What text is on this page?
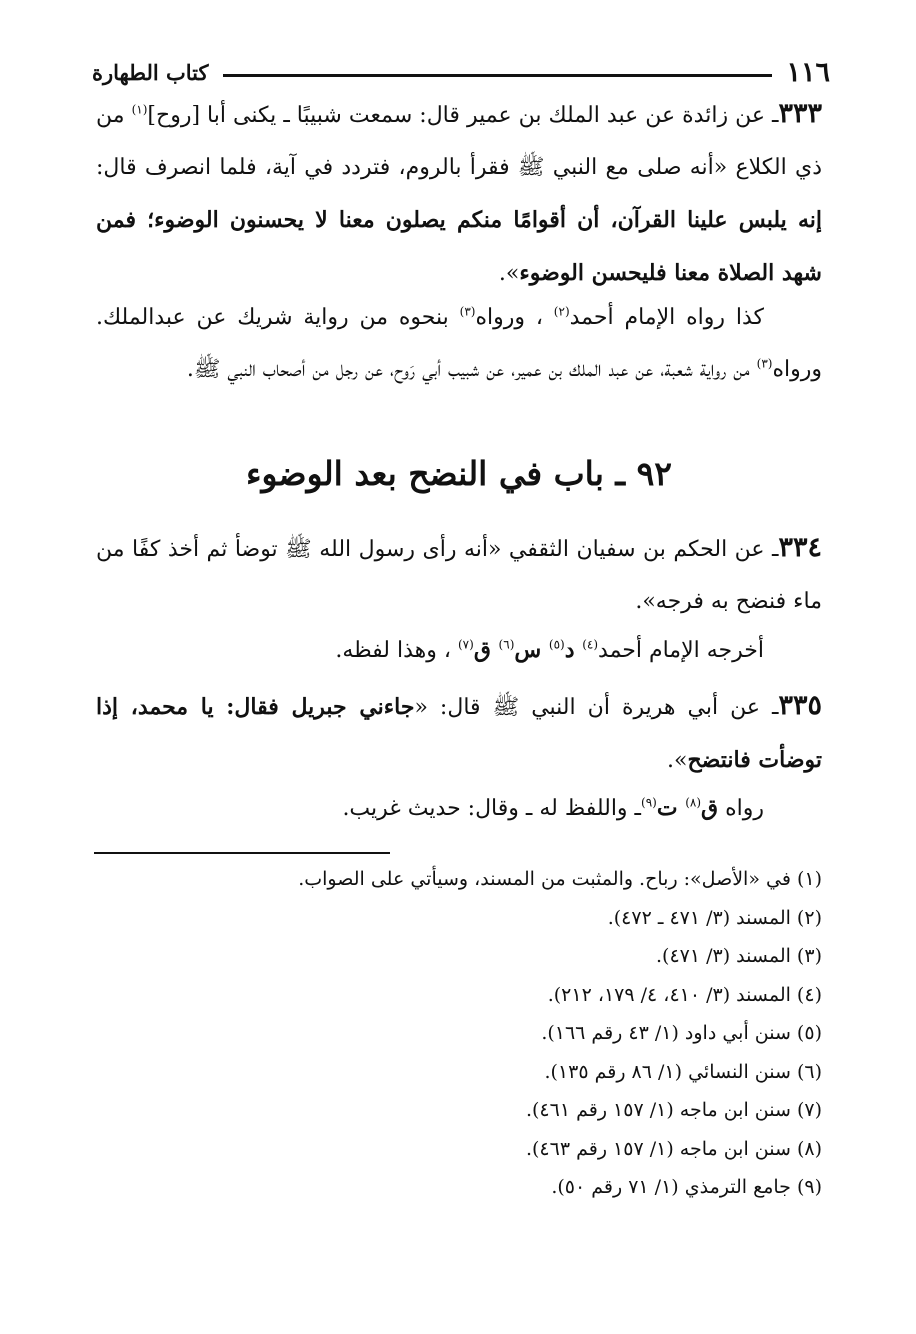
١١٦
كتاب الطهارة
٣٣٣ـ عن زائدة عن عبد الملك بن عمير قال: سمعت شبيبًا ـ يكنى أبا [روح]$^{(١)}$ من ذي الكلاع «أنه صلى مع النبي ﷺ فقرأ بالروم، فتردد في آية، فلما انصرف قال: إنه يلبس علينا القرآن، أن أقوامًا منكم يصلون معنا لا يحسنون الوضوء؛ فمن شهد الصلاة معنا فليحسن الوضوء».
كذا رواه الإمام أحمد$^{(٢)}$ ، ورواه$^{(٣)}$ بنحوه من رواية شريك عن عبدالملك. ورواه$^{(٣)}$ من رواية شعبة، عن عبد الملك بن عمير، عن شبيب أبي رَوح، عن رجل من أصحاب النبي ﷺ.
٩٢ ـ باب في النضح بعد الوضوء
٣٣٤ـ عن الحكم بن سفيان الثقفي «أنه رأى رسول الله ﷺ توضأ ثم أخذ كفًا من ماء فنضح به فرجه».
أخرجه الإمام أحمد$^{(٤)}$ د$^{(٥)}$ س$^{(٦)}$ ق$^{(٧)}$ ، وهذا لفظه.
٣٣٥ـ عن أبي هريرة أن النبي ﷺ قال: «جاءني جبريل فقال: يا محمد، إذا توضأت فانتضح».
رواه ق$^{(٨)}$ ت$^{(٩)}$ـ واللفظ له ـ وقال: حديث غريب.
(١) في «الأصل»: رباح. والمثبت من المسند، وسيأتي على الصواب.
(٢) المسند (٣/ ٤٧١ ـ ٤٧٢).
(٣) المسند (٣/ ٤٧١).
(٤) المسند (٣/ ٤١٠، ٤/ ١٧٩، ٢١٢).
(٥) سنن أبي داود (١/ ٤٣ رقم ١٦٦).
(٦) سنن النسائي (١/ ٨٦ رقم ١٣٥).
(٧) سنن ابن ماجه (١/ ١٥٧ رقم ٤٦١).
(٨) سنن ابن ماجه (١/ ١٥٧ رقم ٤٦٣).
(٩) جامع الترمذي (١/ ٧١ رقم ٥٠).
